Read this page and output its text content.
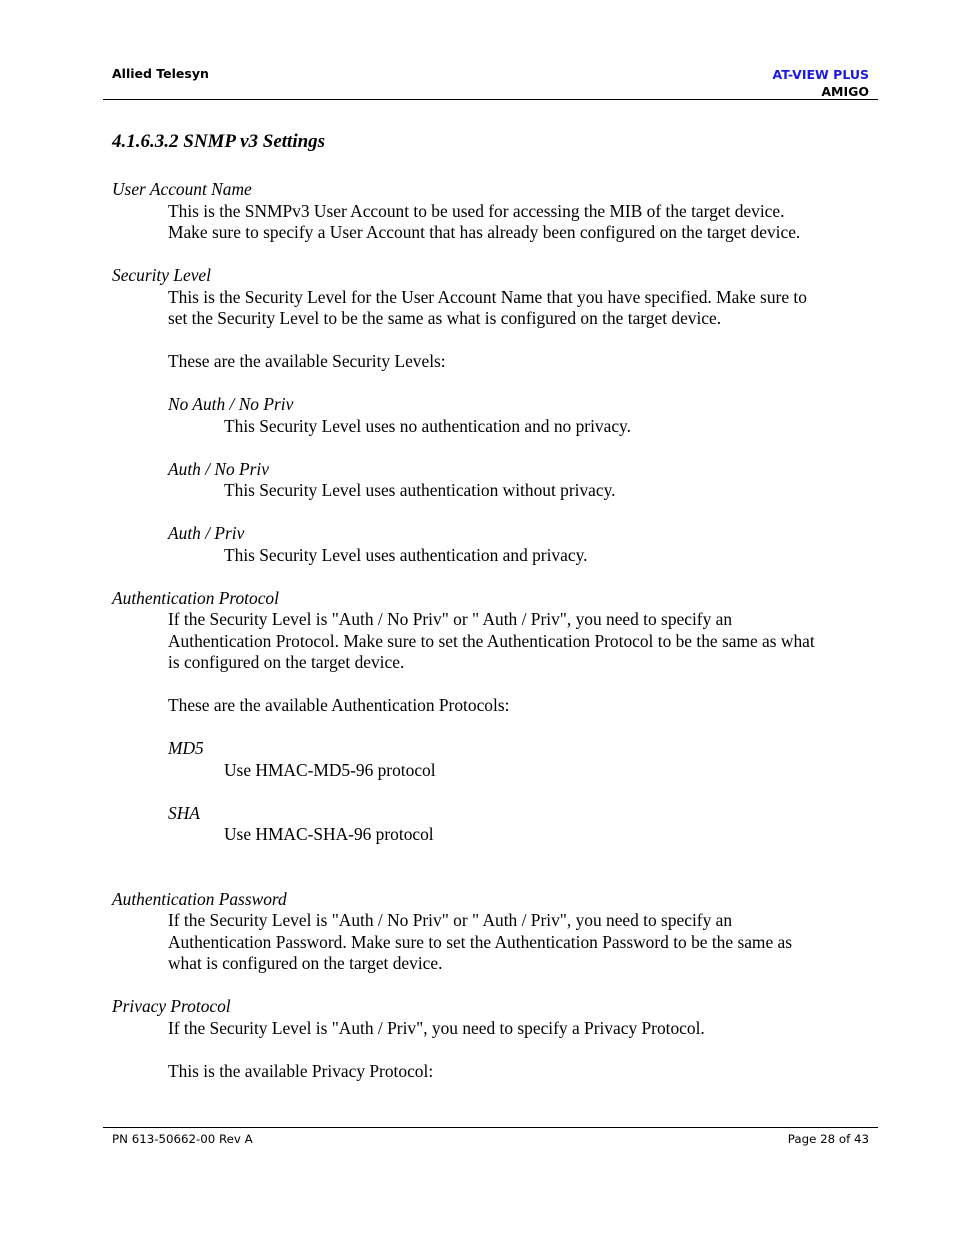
Allied Telesyn	AT-VIEW PLUS
AMIGO
4.1.6.3.2 SNMP v3 Settings
User Account Name
This is the SNMPv3 User Account to be used for accessing the MIB of the target device.
Make sure to specify a User Account that has already been configured on the target device.
Security Level
This is the Security Level for the User Account Name that you have specified. Make sure to
set the Security Level to be the same as what is configured on the target device.
These are the available Security Levels:
No Auth / No Priv
This Security Level uses no authentication and no privacy.
Auth / No Priv
This Security Level uses authentication without privacy.
Auth / Priv
This Security Level uses authentication and privacy.
Authentication Protocol
If the Security Level is "Auth / No Priv" or " Auth / Priv", you need to specify an
Authentication Protocol. Make sure to set the Authentication Protocol to be the same as what
is configured on the target device.
These are the available Authentication Protocols:
MD5
Use HMAC-MD5-96 protocol
SHA
Use HMAC-SHA-96 protocol
Authentication Password
If the Security Level is "Auth / No Priv" or " Auth / Priv", you need to specify an
Authentication Password. Make sure to set the Authentication Password to be the same as
what is configured on the target device.
Privacy Protocol
If the Security Level is "Auth / Priv", you need to specify a Privacy Protocol.
This is the available Privacy Protocol:
PN 613-50662-00 Rev A	Page 28 of 43
